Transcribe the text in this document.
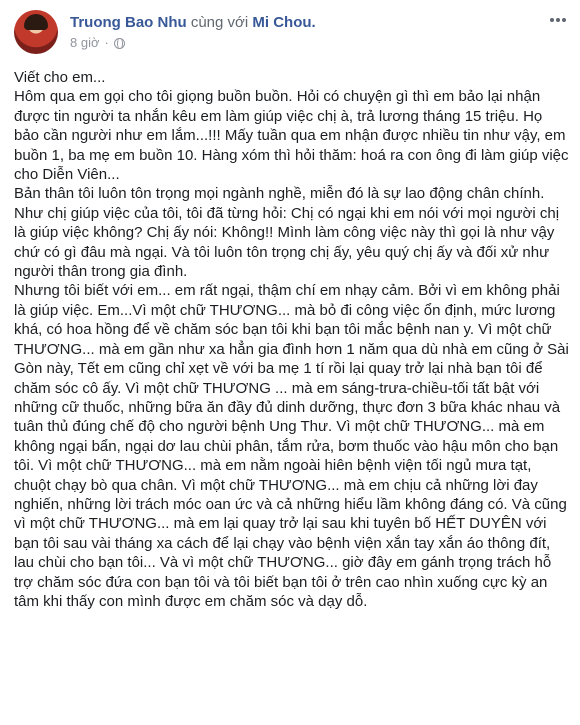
Truong Bao Nhu cùng với Mi Chou.
8 giờ ·

Viết cho em...

Hôm qua em gọi cho tôi giọng buồn buồn. Hỏi có chuyện gì thì em bảo lại nhận được tin người ta nhắn kêu em làm giúp việc chị à, trả lương tháng 15 triệu. Họ bảo cần người như em lắm...!!! Mấy tuần qua em nhận được nhiều tin như vậy, em buồn 1, ba mẹ em buồn 10. Hàng xóm thì hỏi thăm: hoá ra con ông đi làm giúp việc cho Diễn Viên...

Bản thân tôi luôn tôn trọng mọi ngành nghề, miễn đó là sự lao động chân chính. Như chị giúp việc của tôi, tôi đã từng hỏi: Chị có ngại khi em nói với mọi người chị là giúp việc không? Chị ấy nói: Không!! Mình làm công việc này thì gọi là như vậy chứ có gì đâu mà ngại. Và tôi luôn tôn trọng chị ấy, yêu quý chị ấy và đối xử như người thân trong gia đình.

Nhưng tôi biết với em... em rất ngại, thậm chí em nhạy cảm. Bởi vì em không phải là giúp việc. Em...Vì một chữ THƯƠNG... mà bỏ đi công việc ổn định, mức lương khá, có hoa hồng để về chăm sóc bạn tôi khi bạn tôi mắc bệnh nan y. Vì một chữ THƯƠNG... mà em gần như xa hẳn gia đình hơn 1 năm qua dù nhà em cũng ở Sài Gòn này, Tết em cũng chỉ xẹt về với ba mẹ 1 tí rồi lại quay trở lại nhà bạn tôi để chăm sóc cô ấy. Vì một chữ THƯƠNG ... mà em sáng-trưa-chiều-tối tất bật với những cữ thuốc, những bữa ăn đầy đủ dinh dưỡng, thực đơn 3 bữa khác nhau và tuân thủ đúng chế độ cho người bệnh Ung Thư. Vì một chữ THƯƠNG... mà em không ngại bẩn, ngại dơ lau chùi phân, tắm rửa, bơm thuốc vào hậu môn cho bạn tôi. Vì một chữ THƯƠNG... mà em nằm ngoài hiên bệnh viện tối ngủ mưa tạt, chuột chạy bò qua chân. Vì một chữ THƯƠNG... mà em chịu cả những lời đay nghiến, những lời trách móc oan ức và cả những hiểu lầm không đáng có. Và cũng vì một chữ THƯƠNG... mà em lại quay trở lại sau khi tuyên bố HẾT DUYÊN với bạn tôi sau vài tháng xa cách để lại chạy vào bệnh viện xắn tay xắn áo thông đít, lau chùi cho bạn tôi... Và vì một chữ THƯƠNG... giờ đây em gánh trọng trách hỗ trợ chăm sóc đứa con bạn tôi và tôi biết bạn tôi ở trên cao nhìn xuống cực kỳ an tâm khi thấy con mình được em chăm sóc và dạy dỗ.
